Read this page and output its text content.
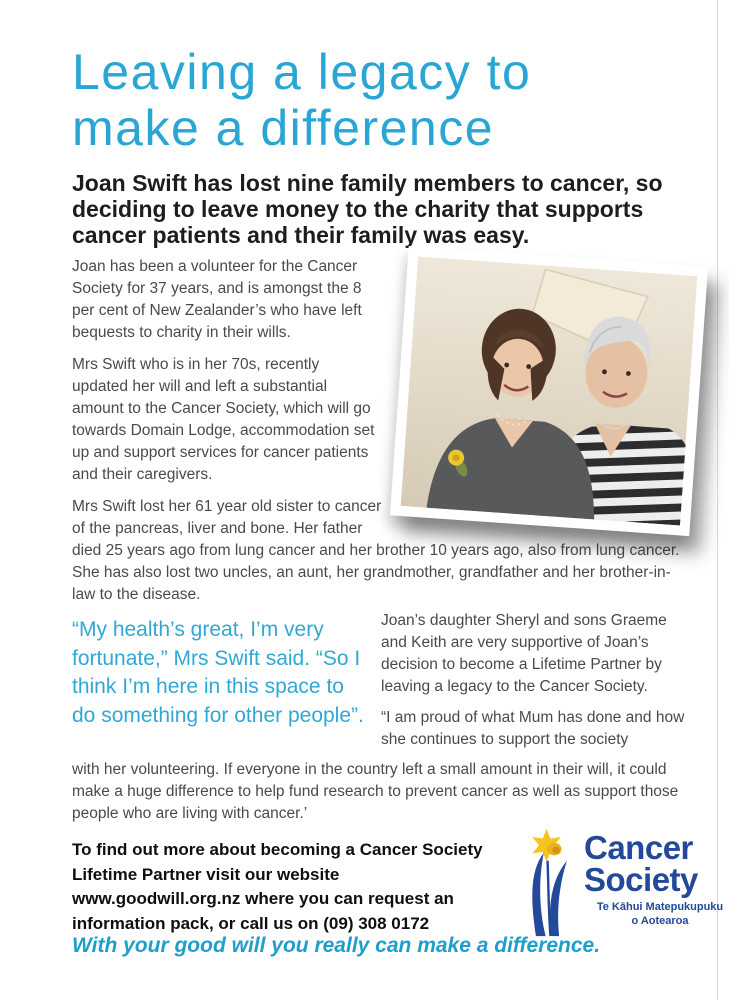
Leaving a legacy to
make a difference

Joan Swift has lost nine family members to cancer, so deciding to leave money to the charity that supports cancer patients and their family was easy.

Joan has been a volunteer for the Cancer Society for 37 years, and is amongst the 8 per cent of New Zealander’s who have left bequests to charity in their wills.

Mrs Swift who is in her 70s, recently updated her will and left a substantial amount to the Cancer Society, which will go towards Domain Lodge, accommodation set up and support services for cancer patients and their caregivers.

Mrs Swift lost her 61 year old sister to cancer of the pancreas, liver and bone. Her father died 25 years ago from lung cancer and her brother 10 years ago, also from lung cancer. She has also lost two uncles, an aunt, her grandmother, grandfather and her brother-in-law to the disease.

“My health’s great, I’m very fortunate,” Mrs Swift said. “So I think I’m here in this space to do something for other people”.

Joan’s daughter Sheryl and sons Graeme and Keith are very supportive of Joan’s decision to become a Lifetime Partner by leaving a legacy to the Cancer Society.

“I am proud of what Mum has done and how she continues to support the society

with her volunteering. If everyone in the country left a small amount in their will, it could make a huge difference to help fund research to prevent cancer as well as support those people who are living with cancer.’

To find out more about becoming a Cancer Society Lifetime Partner visit our website www.goodwill.org.nz where you can request an information pack, or call us on (09) 308 0172
Cancer
Society
Te Kāhui Matepukupuku
o Aotearoa

With your good will you really can make a difference.
